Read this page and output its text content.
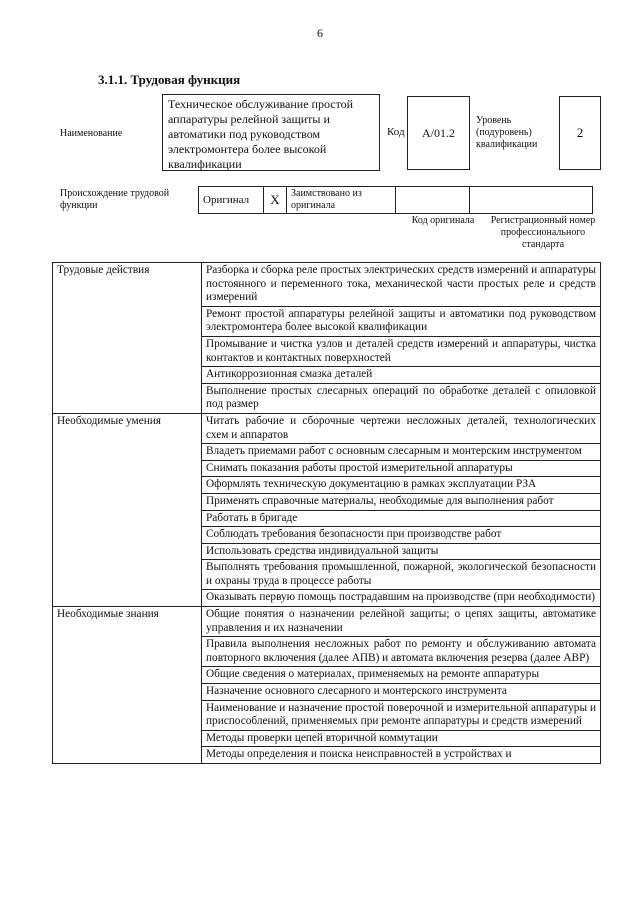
6
3.1.1. Трудовая функция
Наименование
Техническое обслуживание простой аппаратуры релейной защиты и автоматики под руководством электромонтера более высокой квалификации
Код А/01.2
Уровень (подуровень) квалификации
2
Происхождение трудовой функции	Оригинал	X	Заимствовано из оригинала		
Код оригинала	Регистрационный номер профессионального стандарта
Трудовые действия	Разборка и сборка реле простых электрических средств измерений и аппаратуры постоянного и переменного тока, механической части простых реле и средств измерений
	Ремонт простой аппаратуры релейной защиты и автоматики под руководством электромонтера более высокой квалификации
	Промывание и чистка узлов и деталей средств измерений и аппаратуры, чистка контактов и контактных поверхностей
	Антикоррозионная смазка деталей
	Выполнение простых слесарных операций по обработке деталей с опиловкой под размер
Необходимые умения	Читать рабочие и сборочные чертежи несложных деталей, технологических схем и аппаратов
	Владеть приемами работ с основным слесарным и монтерским инструментом
	Снимать показания работы простой измерительной аппаратуры
	Оформлять техническую документацию в рамках эксплуатации РЗА
	Применять справочные материалы, необходимые для выполнения работ
	Работать в бригаде
	Соблюдать требования безопасности при производстве работ
	Использовать средства индивидуальной защиты
	Выполнять требования промышленной, пожарной, экологической безопасности и охраны труда в процессе работы
	Оказывать первую помощь пострадавшим на производстве (при необходимости)
Необходимые знания	Общие понятия о назначении релейной защиты; о цепях защиты, автоматике управления и их назначении
	Правила выполнения несложных работ по ремонту и обслуживанию автомата повторного включения (далее АПВ) и автомата включения резерва (далее АВР)
	Общие сведения о материалах, применяемых на ремонте аппаратуры
	Назначение основного слесарного и монтерского инструмента
	Наименование и назначение простой поверочной и измерительной аппаратуры и приспособлений, применяемых при ремонте аппаратуры и средств измерений
	Методы проверки цепей вторичной коммутации
	Методы определения и поиска неисправностей в устройствах и
